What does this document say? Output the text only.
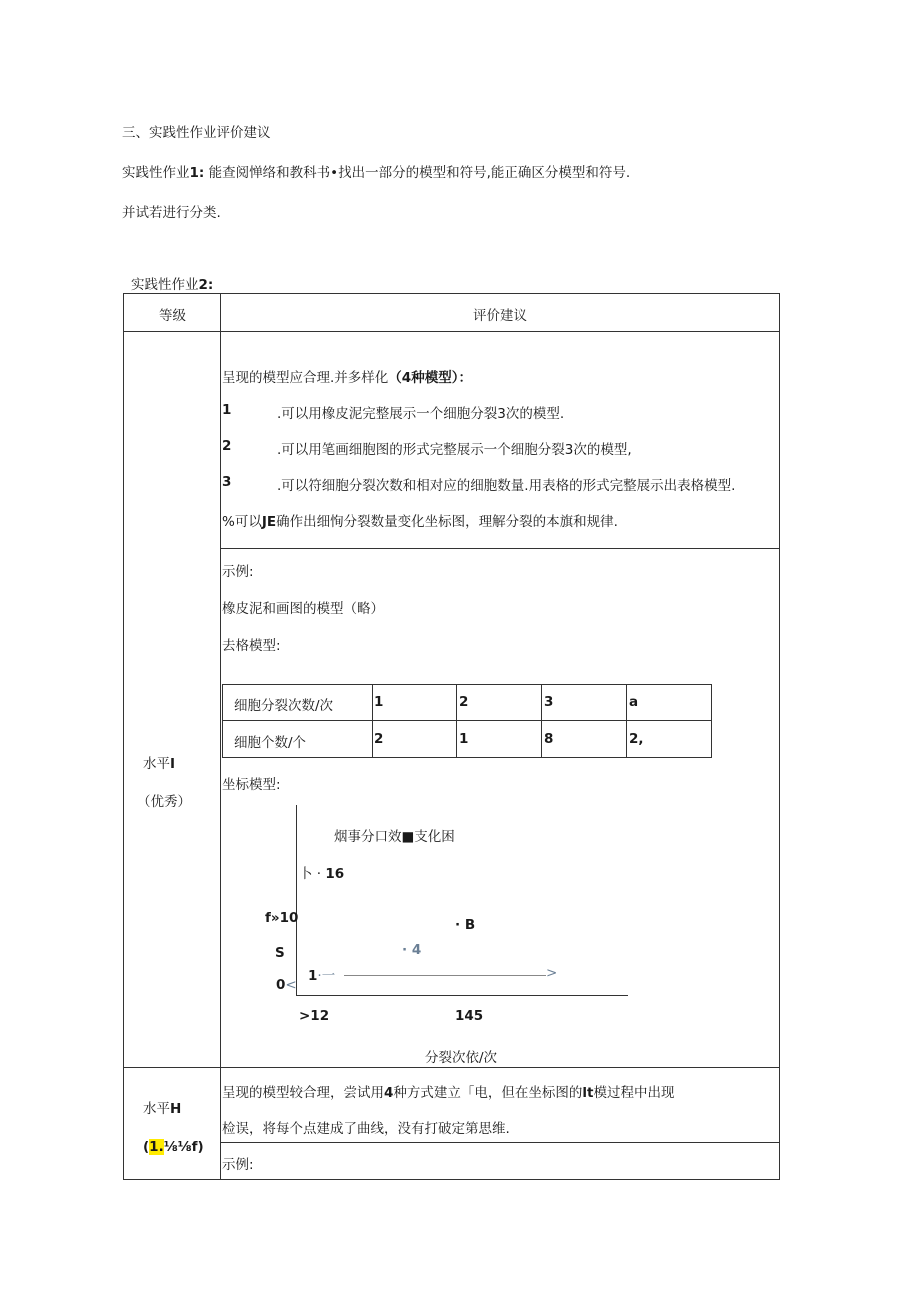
三、实践性作业评价建议
实践性作业1: 能查阅惮络和教科书•找出一部分的模型和符号,能正确区分模型和符号.
并试若进行分类.
实践性作业2:
等级	评价建议
水平I
（优秀）
呈现的模型应合理.并多样化（4种模型）：
1	.可以用橡皮泥完整展示一个细胞分裂3次的模型.
2	.可以用笔画细胞图的形式完整展示一个细胞分裂3次的模型,
3	.可以符细胞分裂次数和相对应的细胞数量.用表格的形式完整展示出表格模型.
%可以JE确作出细恂分裂数量变化坐标图，理解分裂的本旗和规律.
示例:
橡皮泥和画图的模型（略）
去格模型:
细胞分裂次数/次	1	2	3	a
细胞个数/个	2	1	8	2,
坐标模型:
烟事分口效■支化困
卜 · 16
f»10
S
0<
· B
· 4
1·一	>
>12	145
分裂次依/次
水平H
(1.⅛⅛f)
呈现的模型较合理，尝试用4种方式建立「电，但在坐标图的lt模过程中出现
检误，将每个点建成了曲线，没有打破定第思维.
示例:
